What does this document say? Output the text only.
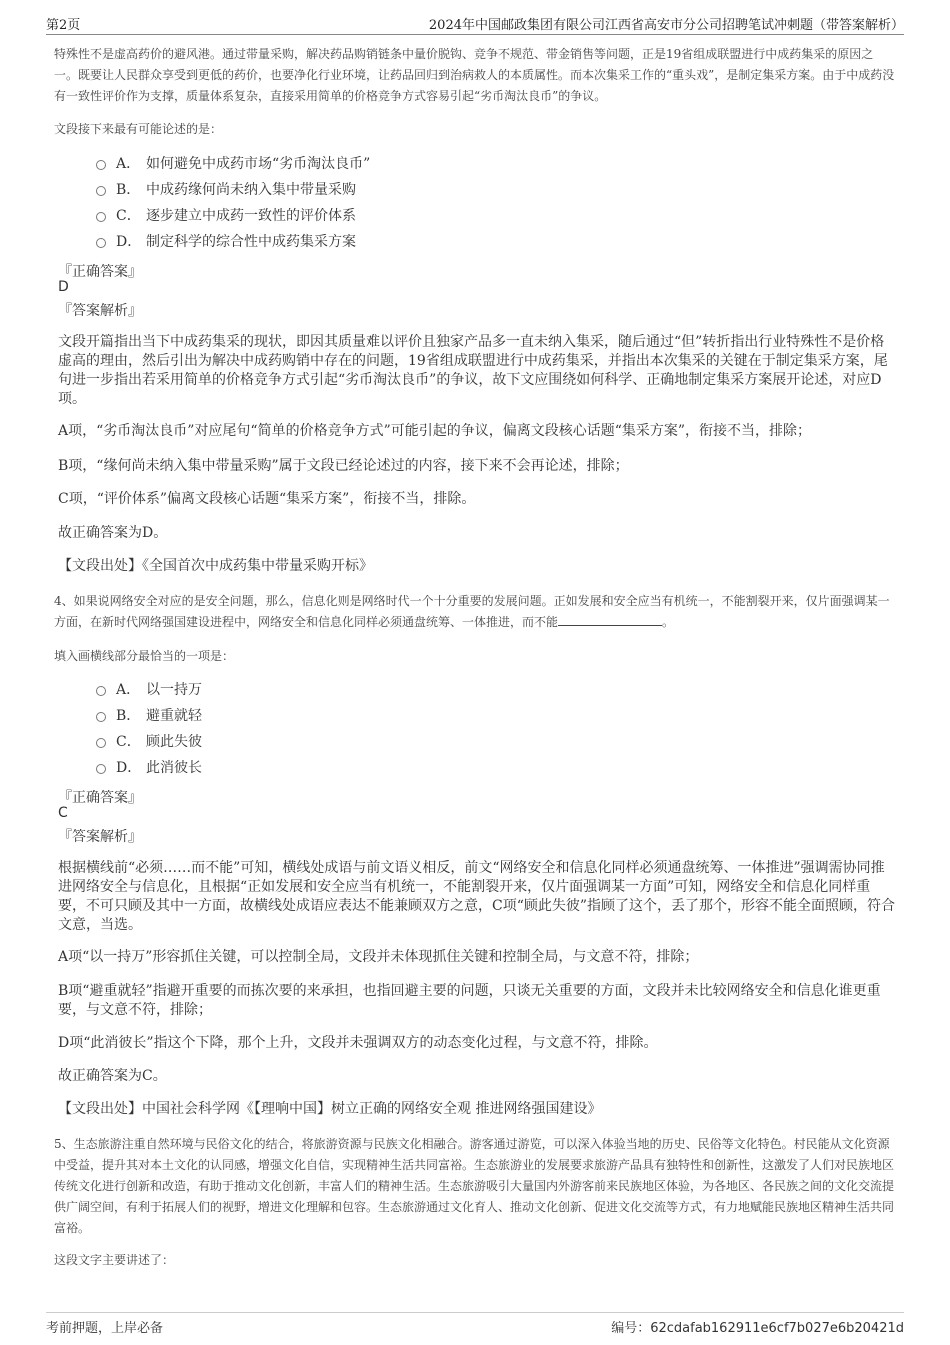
第2页	2024年中国邮政集团有限公司江西省高安市分公司招聘笔试冲刺题（带答案解析）
特殊性不是虚高药价的避风港。通过带量采购，解决药品购销链条中量价脱钩、竞争不规范、带金销售等问题，正是19省组成联盟进行中成药集采的原因之一。既要让人民群众享受到更低的药价，也要净化行业环境，让药品回归到治病救人的本质属性。而本次集采工作的“重头戏”，是制定集采方案。由于中成药没有一致性评价作为支撑，质量体系复杂，直接采用简单的价格竞争方式容易引起“劣币淘汰良币”的争议。
文段接下来最有可能论述的是：
A． 如何避免中成药市场“劣币淘汰良币”
B． 中成药缘何尚未纳入集中带量采购
C． 逐步建立中成药一致性的评价体系
D． 制定科学的综合性中成药集采方案
『正确答案』
D
『答案解析』
文段开篇指出当下中成药集采的现状，即因其质量难以评价且独家产品多一直未纳入集采，随后通过“但”转折指出行业特殊性不是价格虚高的理由，然后引出为解决中成药购销中存在的问题，19省组成联盟进行中成药集采，并指出本次集采的关键在于制定集采方案，尾句进一步指出若采用简单的价格竞争方式引起“劣币淘汰良币”的争议，故下文应围绕如何科学、正确地制定集采方案展开论述，对应D项。
A项，“劣币淘汰良币”对应尾句“简单的价格竞争方式”可能引起的争议，偏离文段核心话题“集采方案”，衔接不当，排除；
B项，“缘何尚未纳入集中带量采购”属于文段已经论述过的内容，接下来不会再论述，排除；
C项，“评价体系”偏离文段核心话题“集采方案”，衔接不当，排除。
故正确答案为D。
【文段出处】《全国首次中成药集中带量采购开标》
4、如果说网络安全对应的是安全问题，那么，信息化则是网络时代一个十分重要的发展问题。正如发展和安全应当有机统一，不能割裂开来，仅片面强调某一方面，在新时代网络强国建设进程中，网络安全和信息化同样必须通盘统筹、一体推进，而不能	。
填入画横线部分最恰当的一项是：
A． 以一持万
B． 避重就轻
C． 顾此失彼
D． 此消彼长
『正确答案』
C
『答案解析』
根据横线前“必须……而不能”可知，横线处成语与前文语义相反，前文“网络安全和信息化同样必须通盘统筹、一体推进”强调需协同推进网络安全与信息化，且根据“正如发展和安全应当有机统一，不能割裂开来，仅片面强调某一方面”可知，网络安全和信息化同样重要，不可只顾及其中一方面，故横线处成语应表达不能兼顾双方之意，C项“顾此失彼”指顾了这个，丢了那个，形容不能全面照顾，符合文意，当选。
A项“以一持万”形容抓住关键，可以控制全局，文段并未体现抓住关键和控制全局，与文意不符，排除；
B项“避重就轻”指避开重要的而拣次要的来承担，也指回避主要的问题，只谈无关重要的方面，文段并未比较网络安全和信息化谁更重要，与文意不符，排除；
D项“此消彼长”指这个下降，那个上升，文段并未强调双方的动态变化过程，与文意不符，排除。
故正确答案为C。
【文段出处】中国社会科学网《【理响中国】树立正确的网络安全观 推进网络强国建设》
5、生态旅游注重自然环境与民俗文化的结合，将旅游资源与民族文化相融合。游客通过游览，可以深入体验当地的历史、民俗等文化特色。村民能从文化资源中受益，提升其对本土文化的认同感，增强文化自信，实现精神生活共同富裕。生态旅游业的发展要求旅游产品具有独特性和创新性，这激发了人们对民族地区传统文化进行创新和改造，有助于推动文化创新，丰富人们的精神生活。生态旅游吸引大量国内外游客前来民族地区体验，为各地区、各民族之间的文化交流提供广阔空间，有利于拓展人们的视野，增进文化理解和包容。生态旅游通过文化育人、推动文化创新、促进文化交流等方式，有力地赋能民族地区精神生活共同富裕。
这段文字主要讲述了：
考前押题，上岸必备	编号：62cdafab162911e6cf7b027e6b20421d
